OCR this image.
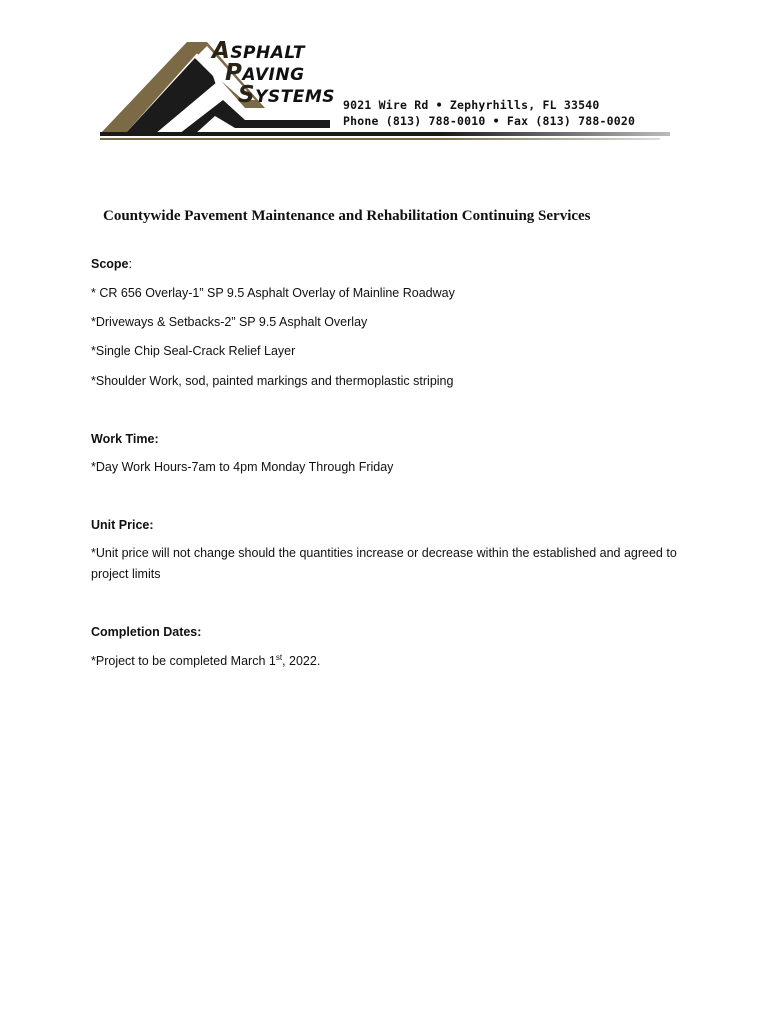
ASPHALT
PAVING
SYSTEMS 9021 Wire Rd • Zephyrhills, FL 33540
Phone (813) 788-0010 • Fax (813) 788-0020
Countywide Pavement Maintenance and Rehabilitation Continuing Services
Scope:
* CR 656 Overlay-1” SP 9.5 Asphalt Overlay of Mainline Roadway
*Driveways & Setbacks-2” SP 9.5 Asphalt Overlay
*Single Chip Seal-Crack Relief Layer
*Shoulder Work, sod, painted markings and thermoplastic striping
Work Time:
*Day Work Hours-7am to 4pm Monday Through Friday
Unit Price:
*Unit price will not change should the quantities increase or decrease within the established and agreed to project limits
Completion Dates:
*Project to be completed March 1st, 2022.
